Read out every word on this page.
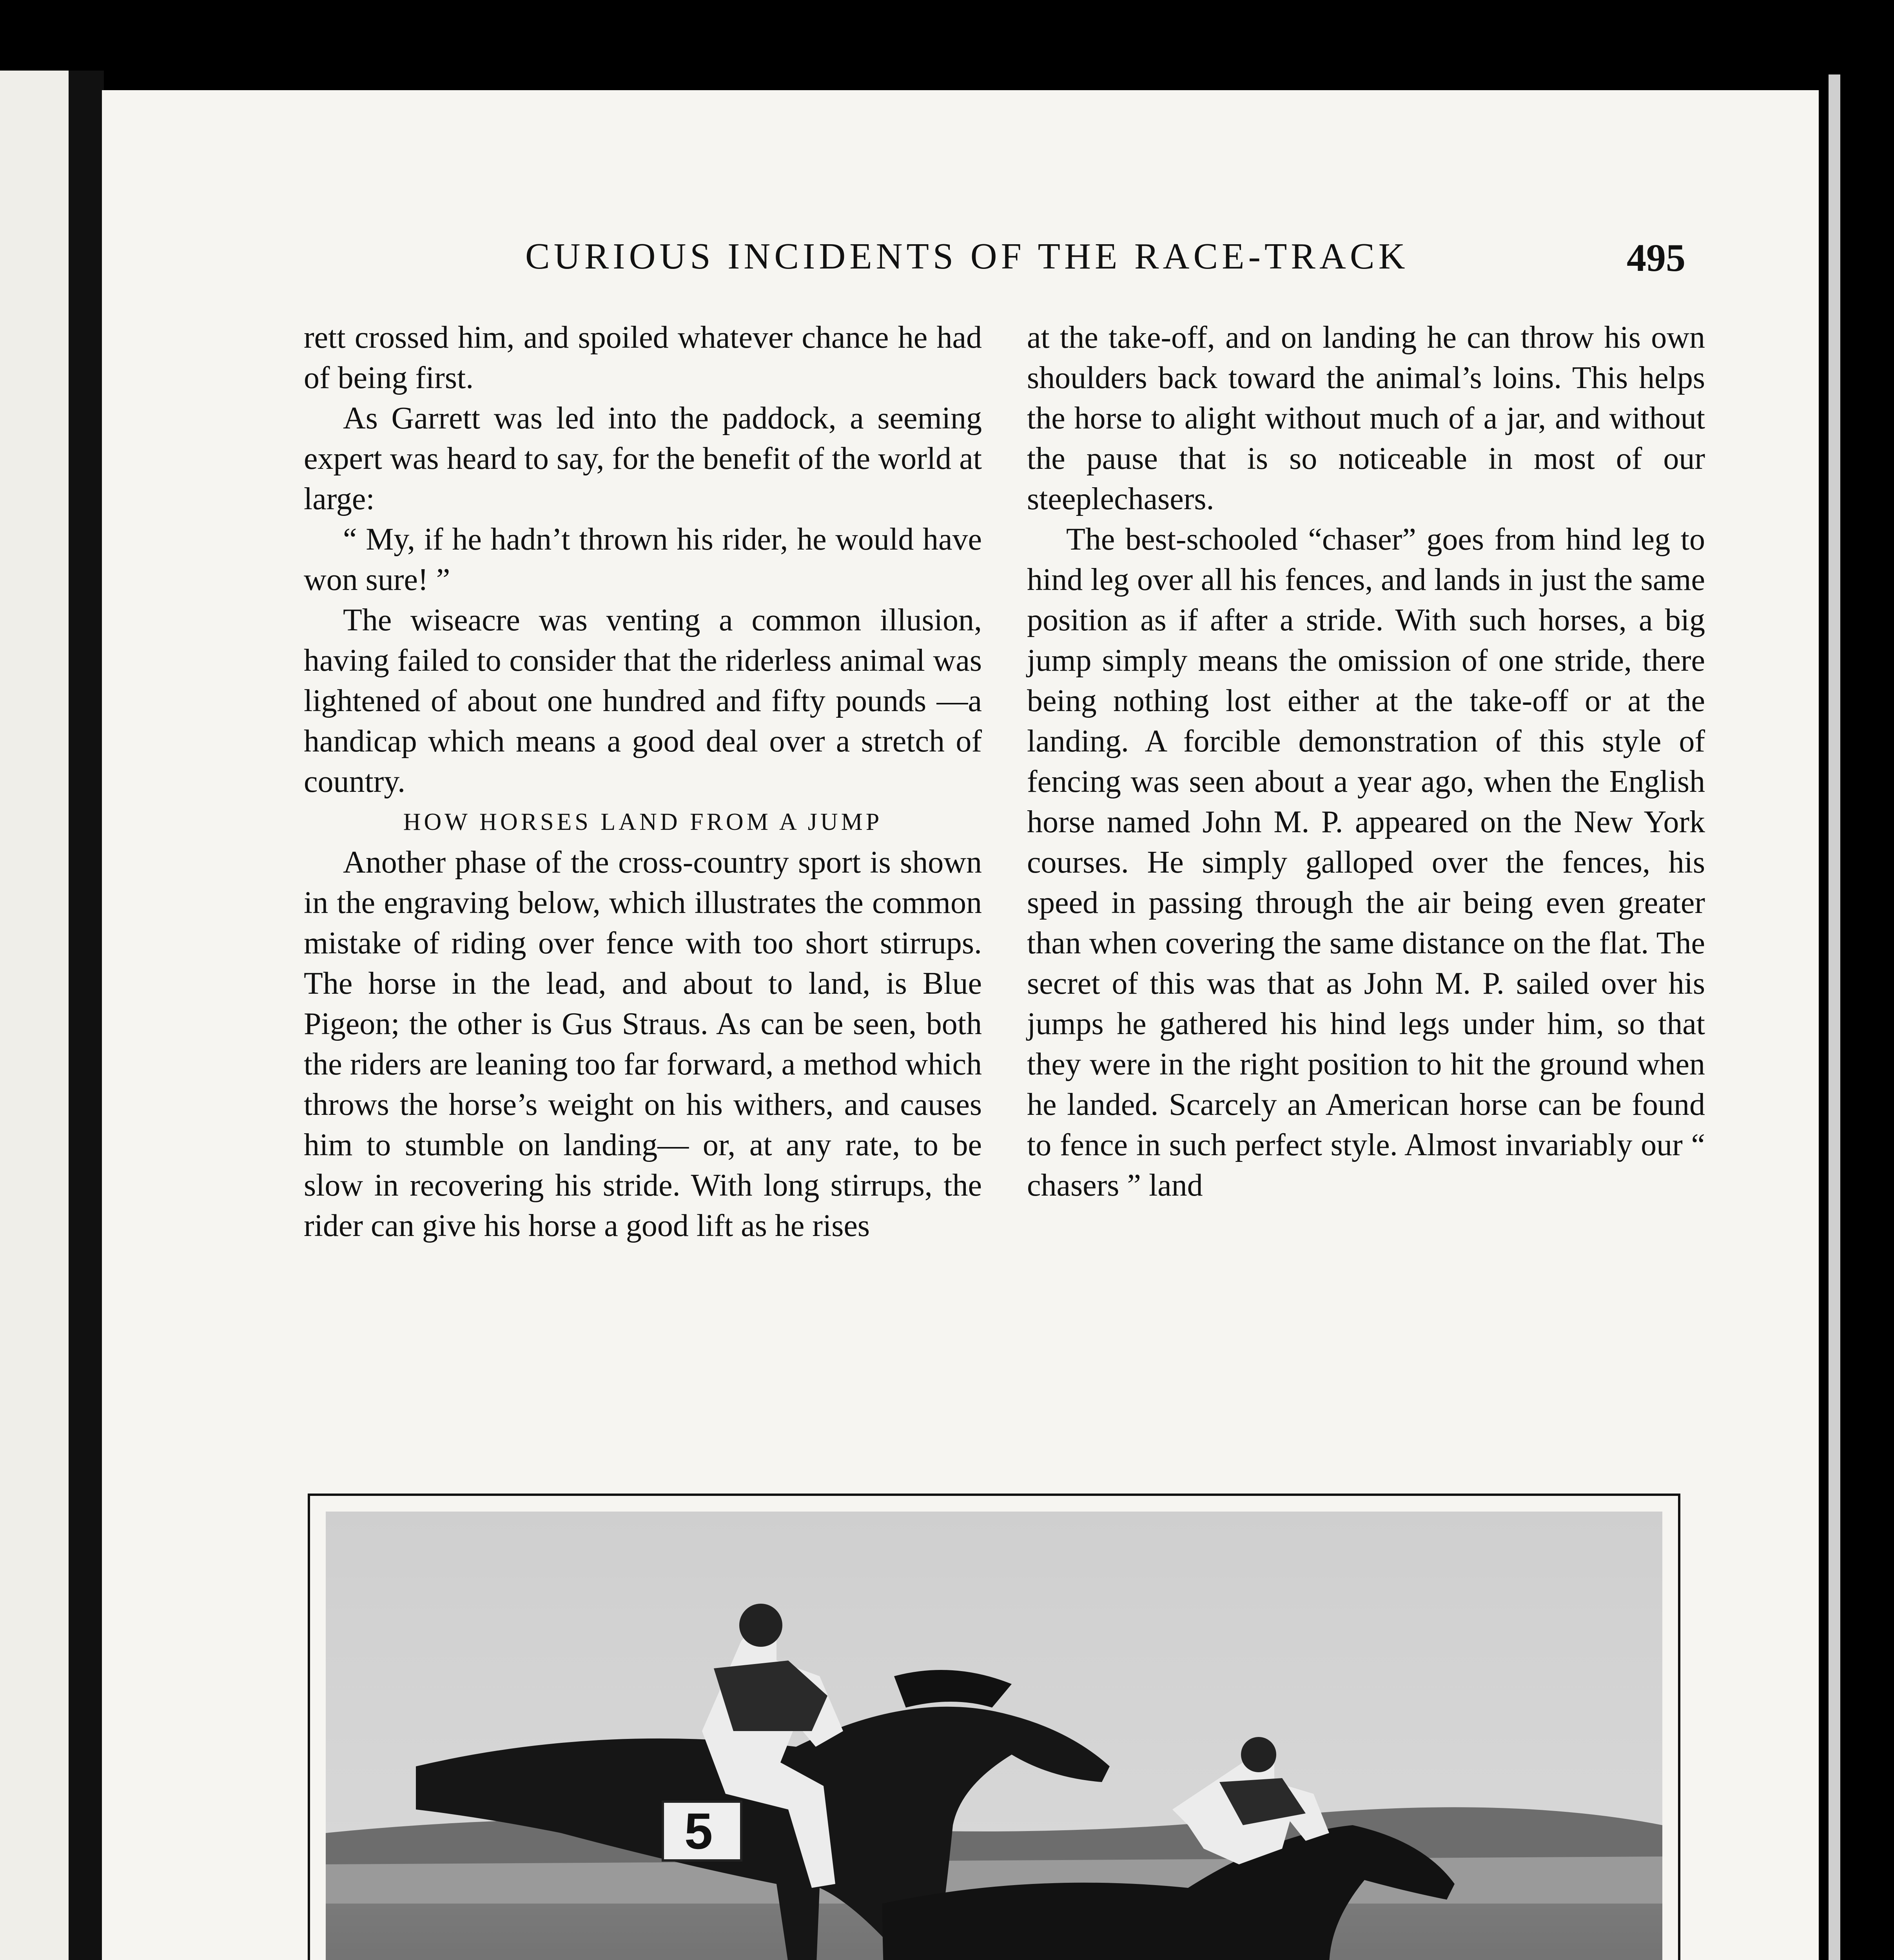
CURIOUS INCIDENTS OF THE RACE-TRACK	495

rett crossed him, and spoiled whatever chance he had of being first.

As Garrett was led into the paddock, a seeming expert was heard to say, for the benefit of the world at large:

“ My, if he hadn’t thrown his rider, he would have won sure! ”

The wiseacre was venting a common illusion, having failed to consider that the riderless animal was lightened of about one hundred and fifty pounds —a handicap which means a good deal over a stretch of country.

HOW HORSES LAND FROM A JUMP

Another phase of the cross-country sport is shown in the engraving below, which illustrates the common mistake of riding over fence with too short stirrups. The horse in the lead, and about to land, is Blue Pigeon; the other is Gus Straus. As can be seen, both the riders are leaning too far forward, a method which throws the horse’s weight on his withers, and causes him to stumble on landing— or, at any rate, to be slow in recovering his stride. With long stirrups, the rider can give his horse a good lift as he rises

at the take-off, and on landing he can throw his own shoulders back toward the animal’s loins. This helps the horse to alight without much of a jar, and without the pause that is so noticeable in most of our steeplechasers.

The best-schooled “chaser” goes from hind leg to hind leg over all his fences, and lands in just the same position as if after a stride. With such horses, a big jump simply means the omission of one stride, there being nothing lost either at the take-off or at the landing. A forcible demonstration of this style of fencing was seen about a year ago, when the English horse named John M. P. appeared on the New York courses. He simply galloped over the fences, his speed in passing through the air being even greater than when covering the same distance on the flat. The secret of this was that as John M. P. sailed over his jumps he gathered his hind legs under him, so that they were in the right position to hit the ground when he landed. Scarcely an American horse can be found to fence in such perfect style. Almost invariably our “ chasers ” land

5
